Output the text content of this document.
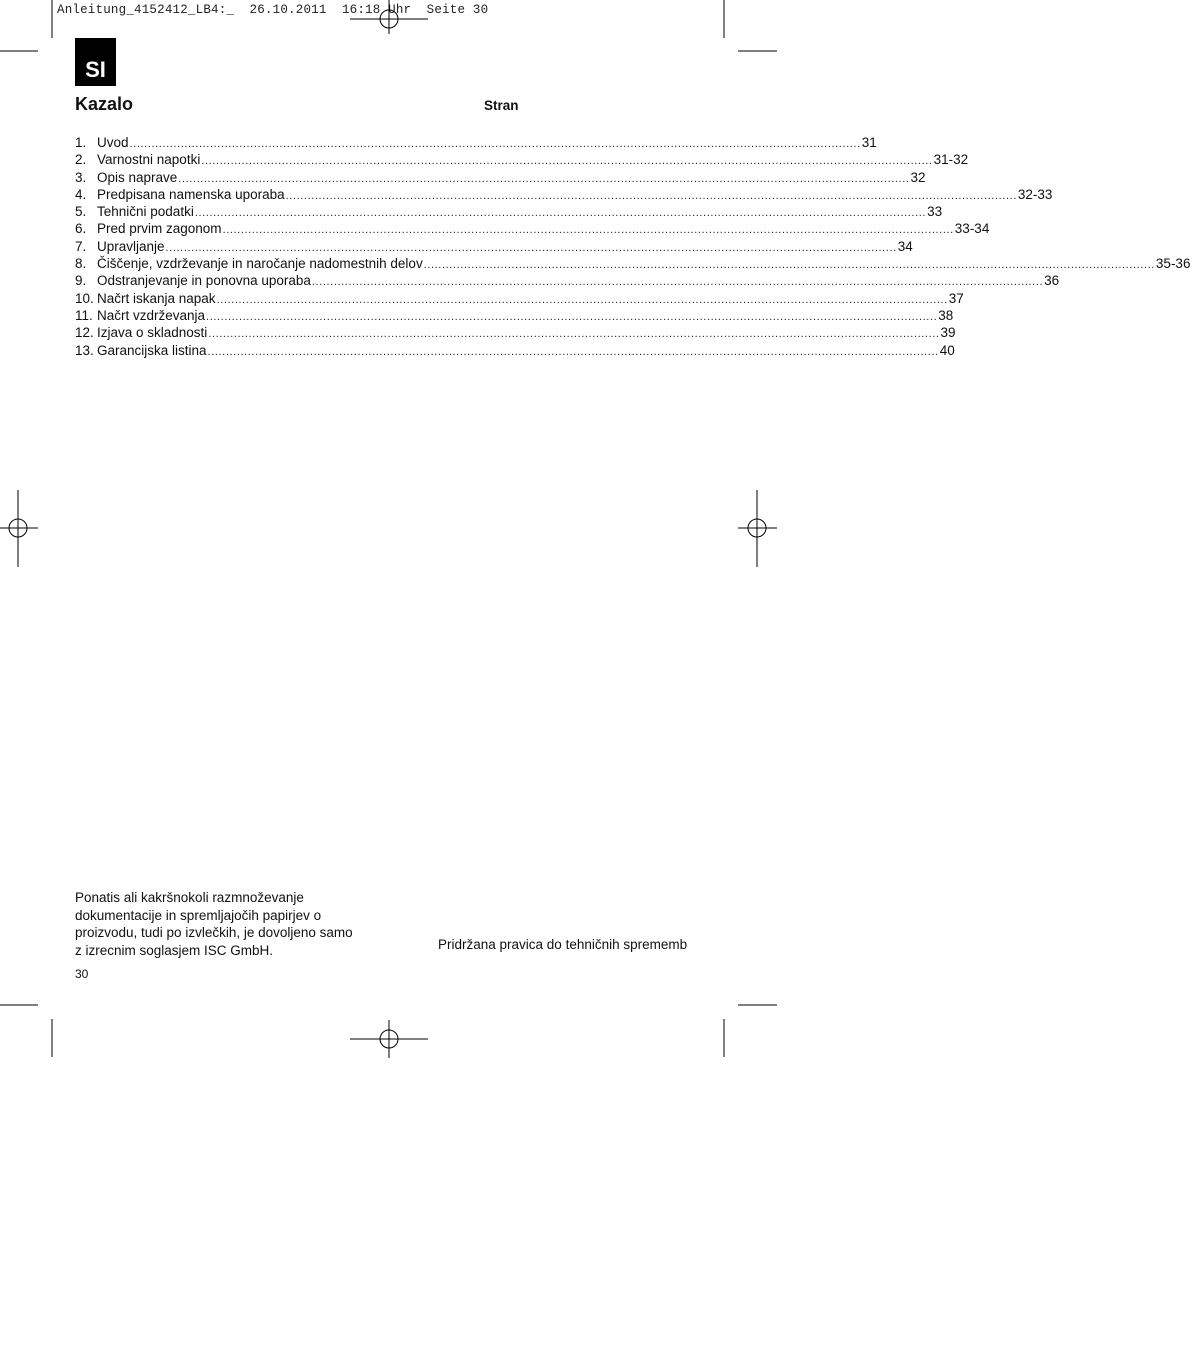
Anleitung_4152412_LB4:_  26.10.2011  16:18 Uhr  Seite 30
SI
Kazalo	Stran
1. Uvod ........................................................................................................................................................................................................ 31
2. Varnostni napotki ........................................................................................................................................................................................................ 31-32
3. Opis naprave ........................................................................................................................................................................................................ 32
4. Predpisana namenska uporaba ........................................................................................................................................................................................................ 32-33
5. Tehnični podatki ........................................................................................................................................................................................................ 33
6. Pred prvim zagonom ........................................................................................................................................................................................................ 33-34
7. Upravljanje ........................................................................................................................................................................................................ 34
8. Čiščenje, vzdrževanje in naročanje nadomestnih delov ........................................................................................................................................................................................................ 35-36
9. Odstranjevanje in ponovna uporaba ........................................................................................................................................................................................................ 36
10. Načrt iskanja napak ........................................................................................................................................................................................................ 37
11. Načrt vzdrževanja ........................................................................................................................................................................................................ 38
12. Izjava o skladnosti ........................................................................................................................................................................................................ 39
13. Garancijska listina ........................................................................................................................................................................................................ 40
Ponatis ali kakršnokoli razmnoževanje
dokumentacije in spremljajočih papirjev o
proizvodu, tudi po izvlečkih, je dovoljeno samo
z izrecnim soglasjem ISC GmbH.	Pridržana pravica do tehničnih sprememb
30
